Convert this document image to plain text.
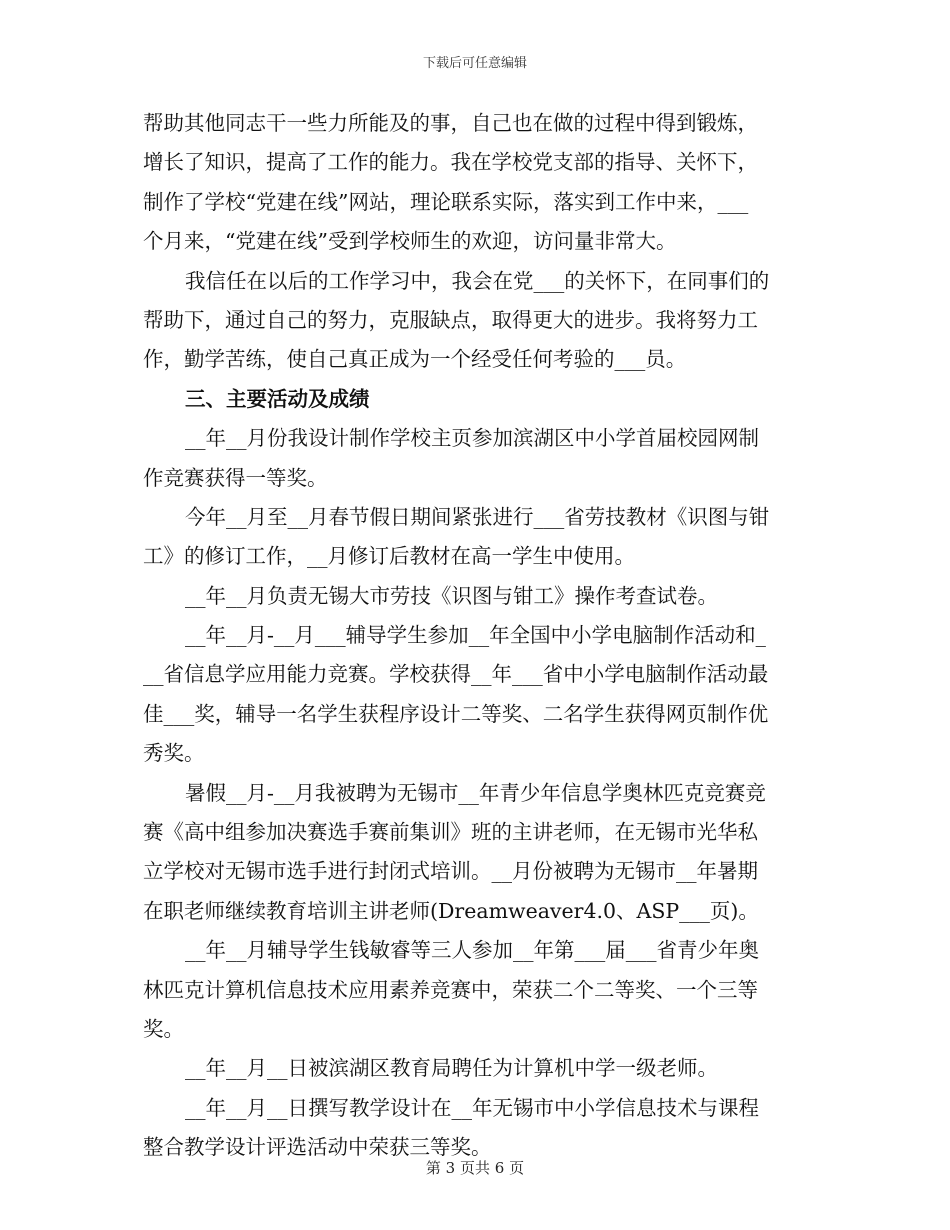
下载后可任意编辑
帮助其他同志干一些力所能及的事，自己也在做的过程中得到锻炼，
增长了知识，提高了工作的能力。我在学校党支部的指导、关怀下，
制作了学校“党建在线”网站，理论联系实际，落实到工作中来，___
个月来，“党建在线”受到学校师生的欢迎，访问量非常大。
我信任在以后的工作学习中，我会在党___的关怀下，在同事们的
帮助下，通过自己的努力，克服缺点，取得更大的进步。我将努力工
作，勤学苦练，使自己真正成为一个经受任何考验的___员。
三、主要活动及成绩
__年__月份我设计制作学校主页参加滨湖区中小学首届校园网制
作竞赛获得一等奖。
今年__月至__月春节假日期间紧张进行___省劳技教材《识图与钳
工》的修订工作，__月修订后教材在高一学生中使用。
__年__月负责无锡大市劳技《识图与钳工》操作考查试卷。
__年__月-__月___辅导学生参加__年全国中小学电脑制作活动和_
__省信息学应用能力竞赛。学校获得__年___省中小学电脑制作活动最
佳___奖，辅导一名学生获程序设计二等奖、二名学生获得网页制作优
秀奖。
暑假__月-__月我被聘为无锡市__年青少年信息学奥林匹克竞赛竞
赛《高中组参加决赛选手赛前集训》班的主讲老师，在无锡市光华私
立学校对无锡市选手进行封闭式培训。__月份被聘为无锡市__年暑期
在职老师继续教育培训主讲老师(Dreamweaver4.0、ASP___页)。
__年__月辅导学生钱敏睿等三人参加__年第___届___省青少年奥
林匹克计算机信息技术应用素养竞赛中，荣获二个二等奖、一个三等
奖。
__年__月__日被滨湖区教育局聘任为计算机中学一级老师。
__年__月__日撰写教学设计在__年无锡市中小学信息技术与课程
整合教学设计评选活动中荣获三等奖。
第 3 页共 6 页
